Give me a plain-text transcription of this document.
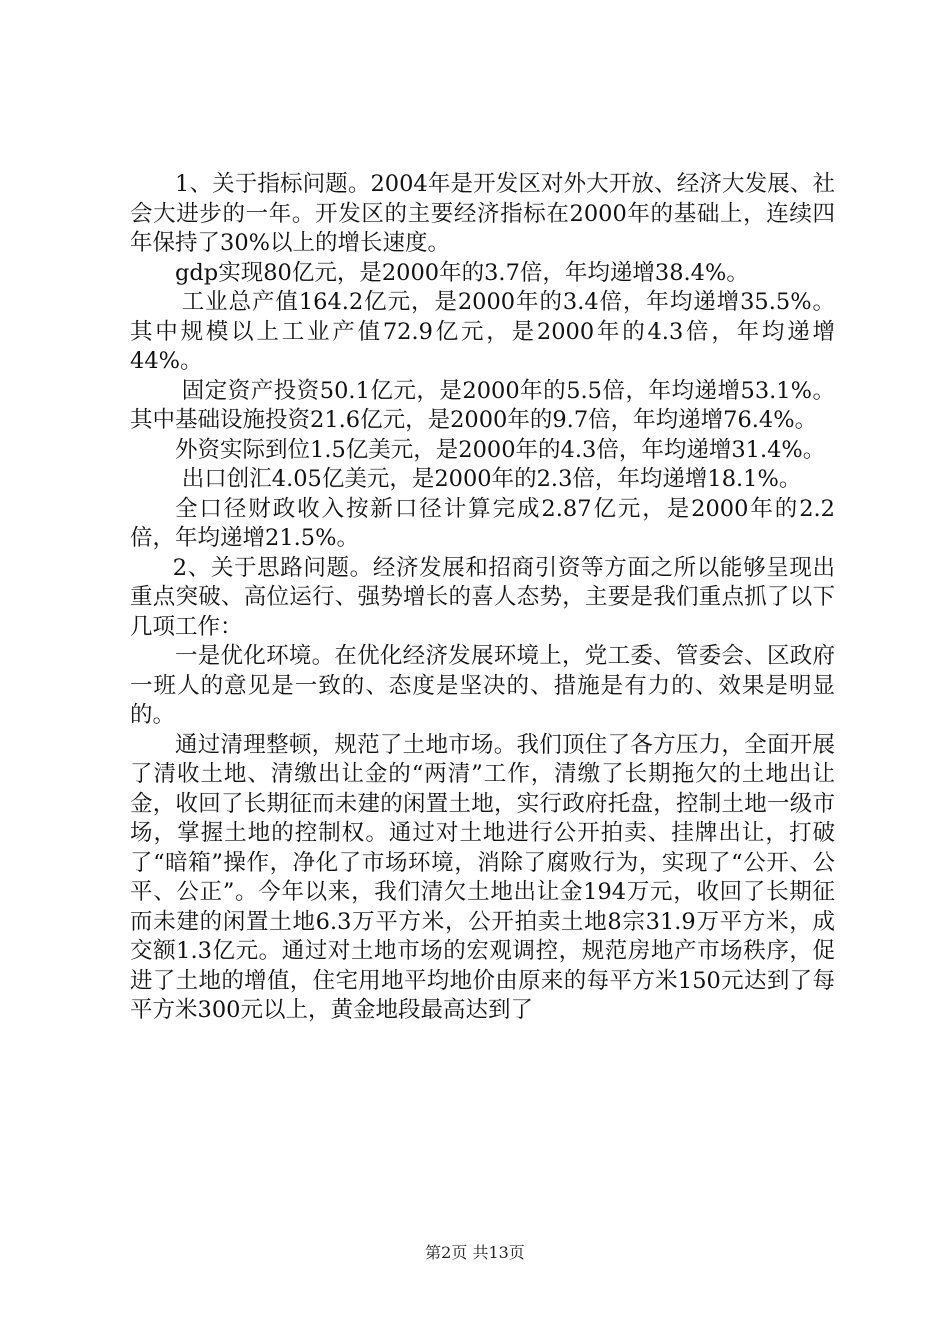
1、关于指标问题。2004年是开发区对外大开放、经济大发展、社会大进步的一年。开发区的主要经济指标在2000年的基础上，连续四年保持了30%以上的增长速度。

gdp实现80亿元，是2000年的3.7倍，年均递增38.4%。

工业总产值164.2亿元，是2000年的3.4倍，年均递增35.5%。其中规模以上工业产值72.9亿元，是2000年的4.3倍，年均递增44%。

固定资产投资50.1亿元，是2000年的5.5倍，年均递增53.1%。其中基础设施投资21.6亿元，是2000年的9.7倍，年均递增76.4%。

外资实际到位1.5亿美元，是2000年的4.3倍，年均递增31.4%。

出口创汇4.05亿美元，是2000年的2.3倍，年均递增18.1%。

全口径财政收入按新口径计算完成2.87亿元，是2000年的2.2倍，年均递增21.5%。

2、关于思路问题。经济发展和招商引资等方面之所以能够呈现出重点突破、高位运行、强势增长的喜人态势，主要是我们重点抓了以下几项工作：

一是优化环境。在优化经济发展环境上，党工委、管委会、区政府一班人的意见是一致的、态度是坚决的、措施是有力的、效果是明显的。

通过清理整顿，规范了土地市场。我们顶住了各方压力，全面开展了清收土地、清缴出让金的“两清”工作，清缴了长期拖欠的土地出让金，收回了长期征而未建的闲置土地，实行政府托盘，控制土地一级市场，掌握土地的控制权。通过对土地进行公开拍卖、挂牌出让，打破了“暗箱”操作，净化了市场环境，消除了腐败行为，实现了“公开、公平、公正”。今年以来，我们清欠土地出让金194万元，收回了长期征而未建的闲置土地6.3万平方米，公开拍卖土地8宗31.9万平方米，成交额1.3亿元。通过对土地市场的宏观调控，规范房地产市场秩序，促进了土地的增值，住宅用地平均地价由原来的每平方米150元达到了每平方米300元以上，黄金地段最高达到了

第2页 共13页
